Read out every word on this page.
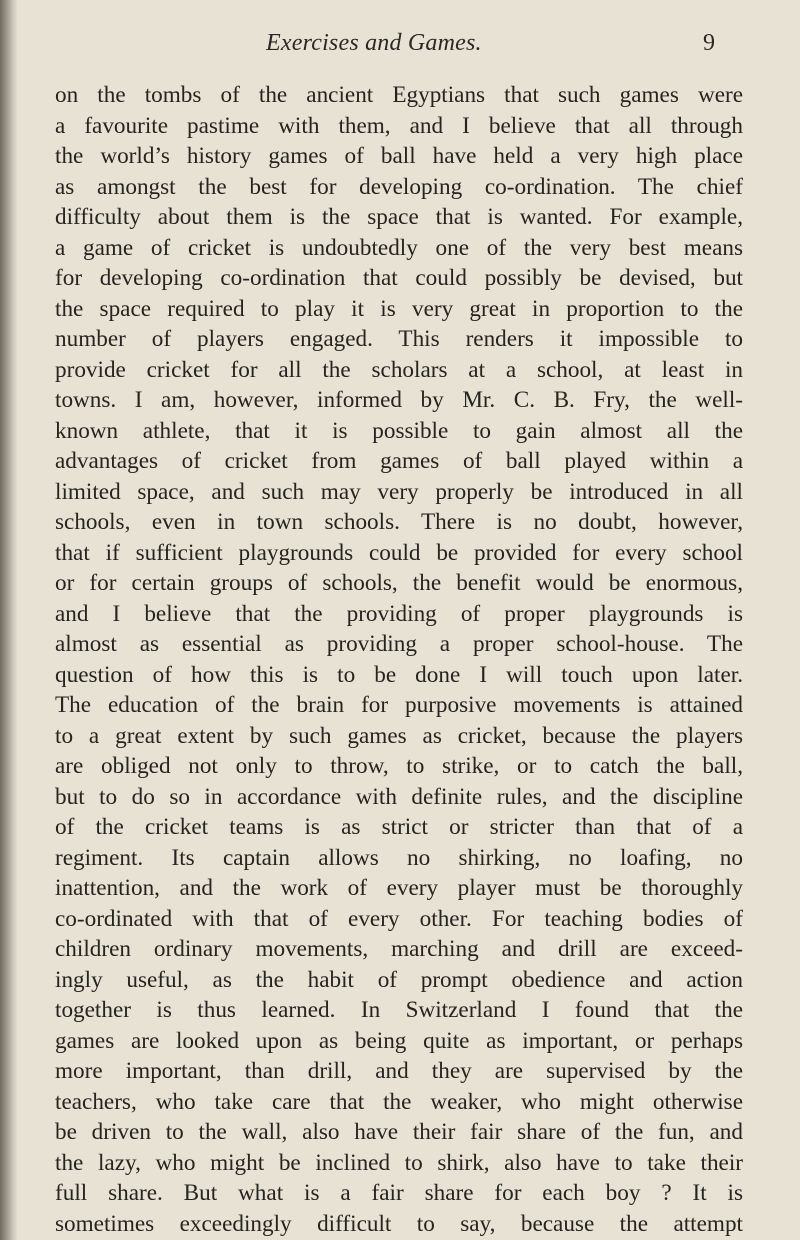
Exercises and Games.	9
on the tombs of the ancient Egyptians that such games were
a favourite pastime with them, and I believe that all through
the world’s history games of ball have held a very high place
as amongst the best for developing co-ordination. The chief
difficulty about them is the space that is wanted. For example,
a game of cricket is undoubtedly one of the very best means
for developing co-ordination that could possibly be devised, but
the space required to play it is very great in proportion to the
number of players engaged. This renders it impossible to
provide cricket for all the scholars at a school, at least in
towns. I am, however, informed by Mr. C. B. Fry, the well-
known athlete, that it is possible to gain almost all the
advantages of cricket from games of ball played within a
limited space, and such may very properly be introduced in all
schools, even in town schools. There is no doubt, however,
that if sufficient playgrounds could be provided for every school
or for certain groups of schools, the benefit would be enormous,
and I believe that the providing of proper playgrounds is
almost as essential as providing a proper school-house. The
question of how this is to be done I will touch upon later.
The education of the brain for purposive movements is attained
to a great extent by such games as cricket, because the players
are obliged not only to throw, to strike, or to catch the ball,
but to do so in accordance with definite rules, and the discipline
of the cricket teams is as strict or stricter than that of a
regiment. Its captain allows no shirking, no loafing, no
inattention, and the work of every player must be thoroughly
co-ordinated with that of every other. For teaching bodies of
children ordinary movements, marching and drill are exceed-
ingly useful, as the habit of prompt obedience and action
together is thus learned. In Switzerland I found that the
games are looked upon as being quite as important, or perhaps
more important, than drill, and they are supervised by the
teachers, who take care that the weaker, who might otherwise
be driven to the wall, also have their fair share of the fun, and
the lazy, who might be inclined to shirk, also have to take their
full share. But what is a fair share for each boy ? It is
sometimes exceedingly difficult to say, because the attempt
